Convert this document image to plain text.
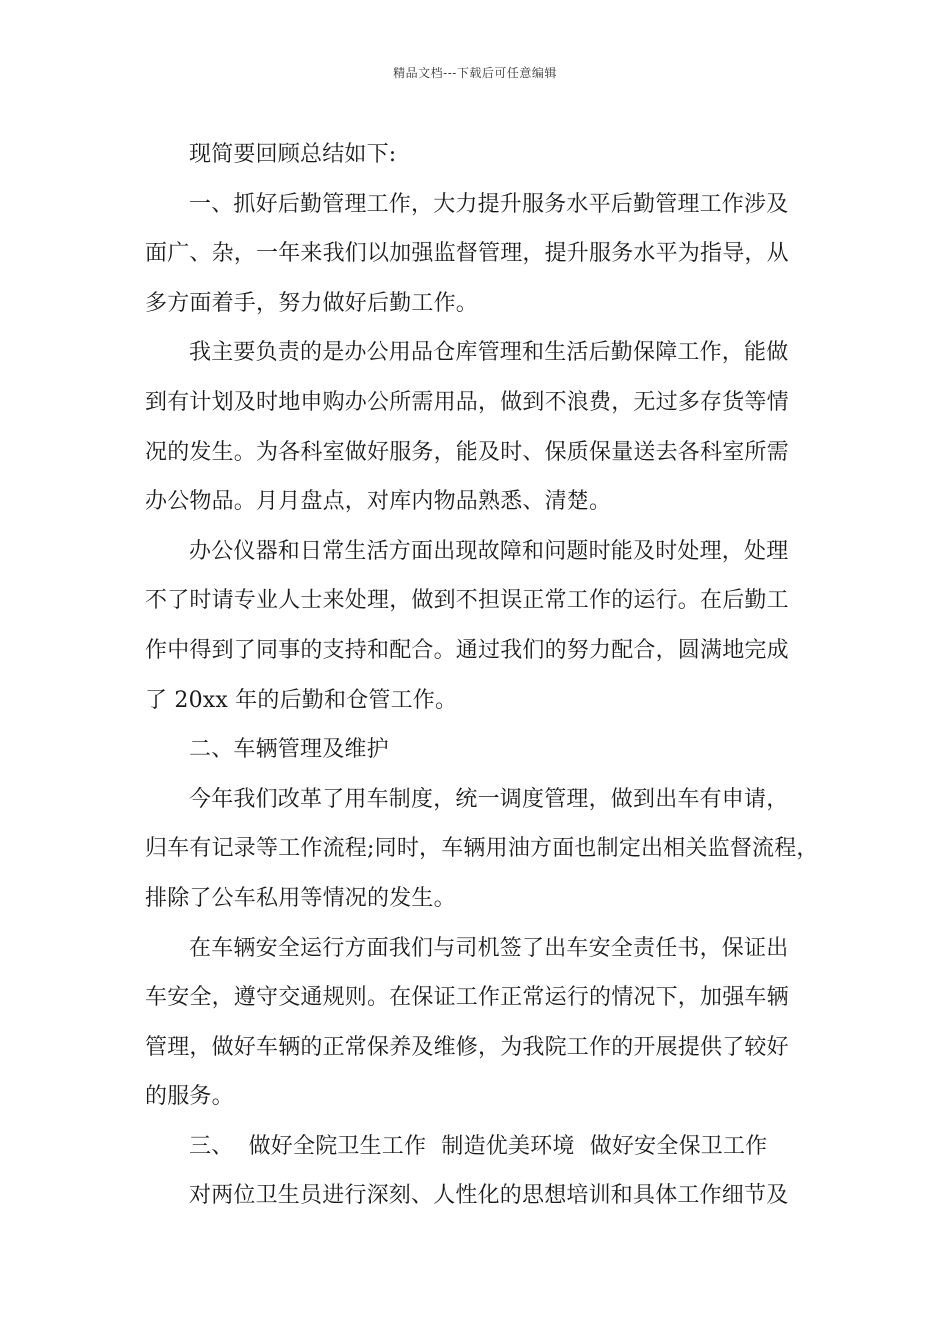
精品文档---下载后可任意编辑

现简要回顾总结如下:

一、抓好后勤管理工作，大力提升服务水平后勤管理工作涉及
面广、杂，一年来我们以加强监督管理，提升服务水平为指导，从
多方面着手，努力做好后勤工作。

我主要负责的是办公用品仓库管理和生活后勤保障工作，能做
到有计划及时地申购办公所需用品，做到不浪费，无过多存货等情
况的发生。为各科室做好服务，能及时、保质保量送去各科室所需
办公物品。月月盘点，对库内物品熟悉、清楚。

办公仪器和日常生活方面出现故障和问题时能及时处理，处理
不了时请专业人士来处理，做到不担误正常工作的运行。在后勤工
作中得到了同事的支持和配合。通过我们的努力配合，圆满地完成
了 20xx 年的后勤和仓管工作。

二、车辆管理及维护

今年我们改革了用车制度，统一调度管理，做到出车有申请，
归车有记录等工作流程;同时，车辆用油方面也制定出相关监督流程，
排除了公车私用等情况的发生。

在车辆安全运行方面我们与司机签了出车安全责任书，保证出
车安全，遵守交通规则。在保证工作正常运行的情况下，加强车辆
管理，做好车辆的正常保养及维修，为我院工作的开展提供了较好
的服务。

三、 做好全院卫生工作 制造优美环境 做好安全保卫工作

对两位卫生员进行深刻、人性化的思想培训和具体工作细节及
